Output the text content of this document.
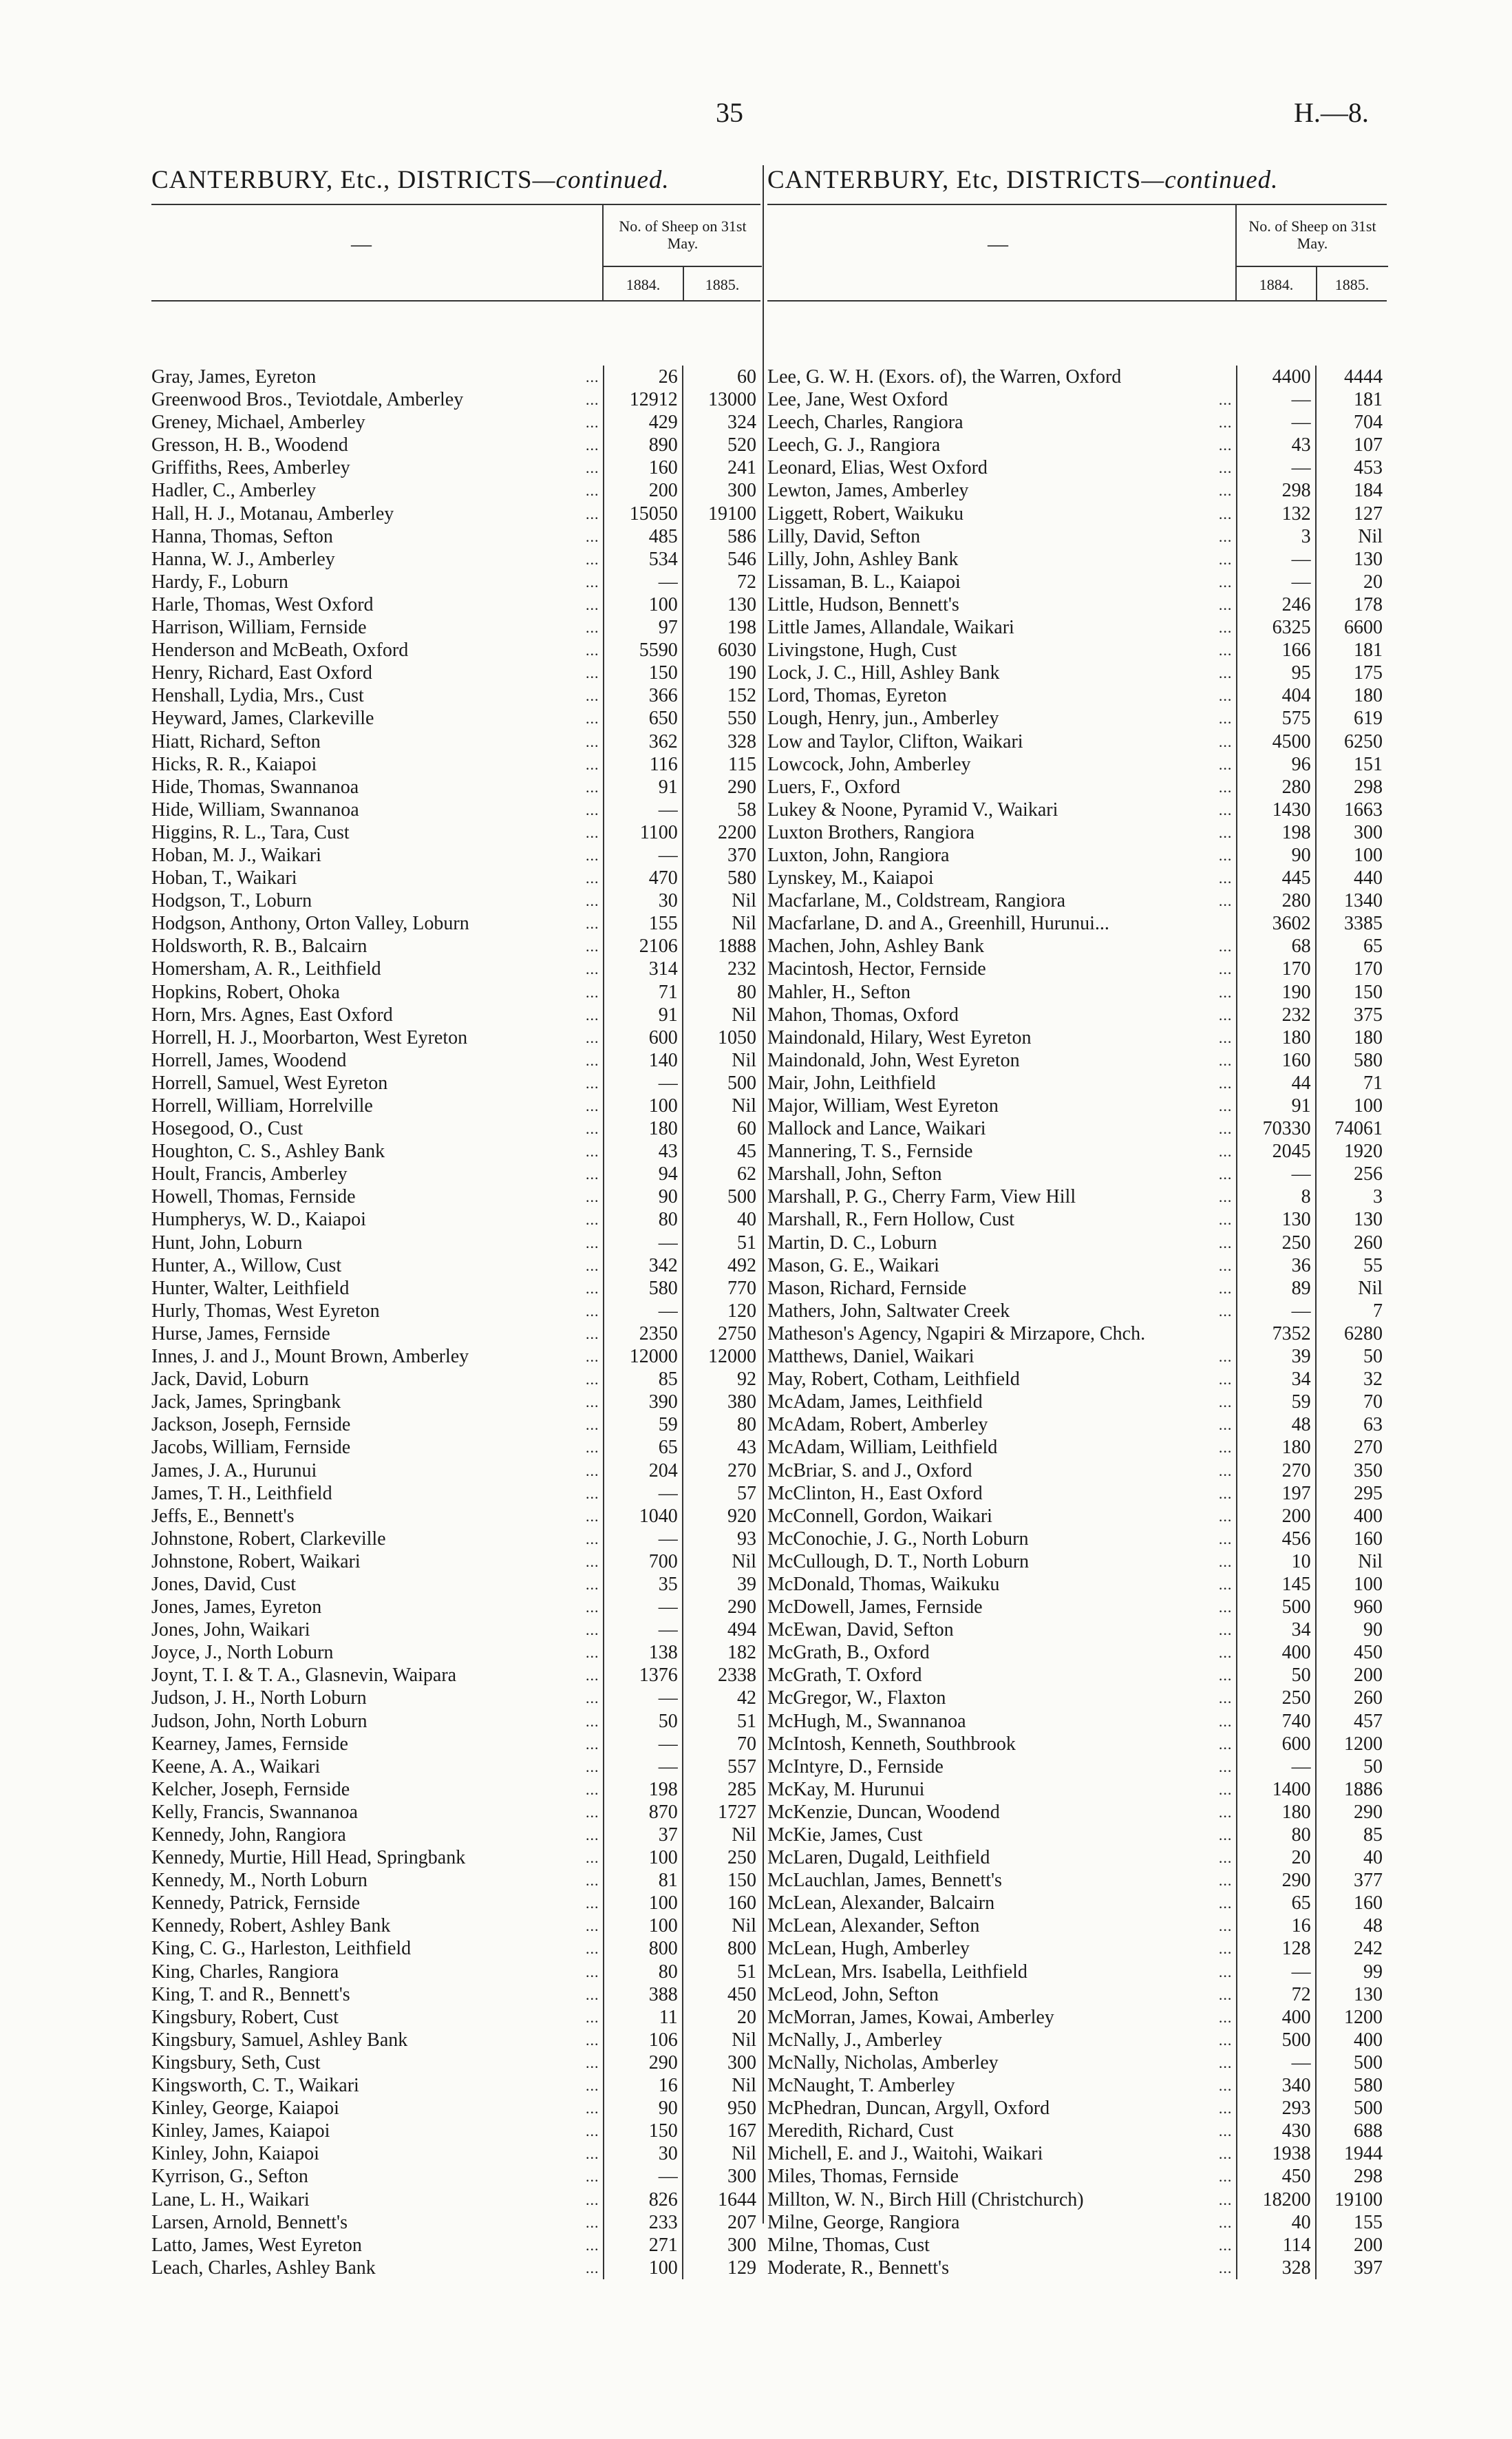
35	H.—8.
CANTERBURY, Etc., DISTRICTS—continued.
—
No. of Sheep on 31st May.
1884.	1885.
Gray, James, Eyreton	...	26	60
Greenwood Bros., Teviotdale, Amberley	...	12912	13000
Greney, Michael, Amberley	...	429	324
Gresson, H. B., Woodend	...	890	520
Griffiths, Rees, Amberley	...	160	241
Hadler, C., Amberley	...	200	300
Hall, H. J., Motanau, Amberley	...	15050	19100
Hanna, Thomas, Sefton	...	485	586
Hanna, W. J., Amberley	...	534	546
Hardy, F., Loburn	...	—	72
Harle, Thomas, West Oxford	...	100	130
Harrison, William, Fernside	...	97	198
Henderson and McBeath, Oxford	...	5590	6030
Henry, Richard, East Oxford	...	150	190
Henshall, Lydia, Mrs., Cust	...	366	152
Heyward, James, Clarkeville	...	650	550
Hiatt, Richard, Sefton	...	362	328
Hicks, R. R., Kaiapoi	...	116	115
Hide, Thomas, Swannanoa	...	91	290
Hide, William, Swannanoa	...	—	58
Higgins, R. L., Tara, Cust	...	1100	2200
Hoban, M. J., Waikari	...	—	370
Hoban, T., Waikari	...	470	580
Hodgson, T., Loburn	...	30	Nil
Hodgson, Anthony, Orton Valley, Loburn	...	155	Nil
Holdsworth, R. B., Balcairn	...	2106	1888
Homersham, A. R., Leithfield	...	314	232
Hopkins, Robert, Ohoka	...	71	80
Horn, Mrs. Agnes, East Oxford	...	91	Nil
Horrell, H. J., Moorbarton, West Eyreton	...	600	1050
Horrell, James, Woodend	...	140	Nil
Horrell, Samuel, West Eyreton	...	—	500
Horrell, William, Horrelville	...	100	Nil
Hosegood, O., Cust	...	180	60
Houghton, C. S., Ashley Bank	...	43	45
Hoult, Francis, Amberley	...	94	62
Howell, Thomas, Fernside	...	90	500
Humpherys, W. D., Kaiapoi	...	80	40
Hunt, John, Loburn	...	—	51
Hunter, A., Willow, Cust	...	342	492
Hunter, Walter, Leithfield	...	580	770
Hurly, Thomas, West Eyreton	...	—	120
Hurse, James, Fernside	...	2350	2750
Innes, J. and J., Mount Brown, Amberley	...	12000	12000
Jack, David, Loburn	...	85	92
Jack, James, Springbank	...	390	380
Jackson, Joseph, Fernside	...	59	80
Jacobs, William, Fernside	...	65	43
James, J. A., Hurunui	...	204	270
James, T. H., Leithfield	...	—	57
Jeffs, E., Bennett's	...	1040	920
Johnstone, Robert, Clarkeville	...	—	93
Johnstone, Robert, Waikari	...	700	Nil
Jones, David, Cust	...	35	39
Jones, James, Eyreton	...	—	290
Jones, John, Waikari	...	—	494
Joyce, J., North Loburn	...	138	182
Joynt, T. I. & T. A., Glasnevin, Waipara	...	1376	2338
Judson, J. H., North Loburn	...	—	42
Judson, John, North Loburn	...	50	51
Kearney, James, Fernside	...	—	70
Keene, A. A., Waikari	...	—	557
Kelcher, Joseph, Fernside	...	198	285
Kelly, Francis, Swannanoa	...	870	1727
Kennedy, John, Rangiora	...	37	Nil
Kennedy, Murtie, Hill Head, Springbank	...	100	250
Kennedy, M., North Loburn	...	81	150
Kennedy, Patrick, Fernside	...	100	160
Kennedy, Robert, Ashley Bank	...	100	Nil
King, C. G., Harleston, Leithfield	...	800	800
King, Charles, Rangiora	...	80	51
King, T. and R., Bennett's	...	388	450
Kingsbury, Robert, Cust	...	11	20
Kingsbury, Samuel, Ashley Bank	...	106	Nil
Kingsbury, Seth, Cust	...	290	300
Kingsworth, C. T., Waikari	...	16	Nil
Kinley, George, Kaiapoi	...	90	950
Kinley, James, Kaiapoi	...	150	167
Kinley, John, Kaiapoi	...	30	Nil
Kyrrison, G., Sefton	...	—	300
Lane, L. H., Waikari	...	826	1644
Larsen, Arnold, Bennett's	...	233	207
Latto, James, West Eyreton	...	271	300
Leach, Charles, Ashley Bank	...	100	129
CANTERBURY, Etc, DISTRICTS—continued.
—
No. of Sheep on 31st May.
1884.	1885.
Lee, G. W. H. (Exors. of), the Warren, Oxford	4400	4444
Lee, Jane, West Oxford	...	—	181
Leech, Charles, Rangiora	...	—	704
Leech, G. J., Rangiora	...	43	107
Leonard, Elias, West Oxford	...	—	453
Lewton, James, Amberley	...	298	184
Liggett, Robert, Waikuku	...	132	127
Lilly, David, Sefton	...	3	Nil
Lilly, John, Ashley Bank	...	—	130
Lissaman, B. L., Kaiapoi	...	—	20
Little, Hudson, Bennett's	...	246	178
Little James, Allandale, Waikari	...	6325	6600
Livingstone, Hugh, Cust	...	166	181
Lock, J. C., Hill, Ashley Bank	...	95	175
Lord, Thomas, Eyreton	...	404	180
Lough, Henry, jun., Amberley	...	575	619
Low and Taylor, Clifton, Waikari	...	4500	6250
Lowcock, John, Amberley	...	96	151
Luers, F., Oxford	...	280	298
Lukey & Noone, Pyramid V., Waikari	...	1430	1663
Luxton Brothers, Rangiora	...	198	300
Luxton, John, Rangiora	...	90	100
Lynskey, M., Kaiapoi	...	445	440
Macfarlane, M., Coldstream, Rangiora	...	280	1340
Macfarlane, D. and A., Greenhill, Hurunui...	3602	3385
Machen, John, Ashley Bank	...	68	65
Macintosh, Hector, Fernside	...	170	170
Mahler, H., Sefton	...	190	150
Mahon, Thomas, Oxford	...	232	375
Maindonald, Hilary, West Eyreton	...	180	180
Maindonald, John, West Eyreton	...	160	580
Mair, John, Leithfield	...	44	71
Major, William, West Eyreton	...	91	100
Mallock and Lance, Waikari	...	70330	74061
Mannering, T. S., Fernside	...	2045	1920
Marshall, John, Sefton	...	—	256
Marshall, P. G., Cherry Farm, View Hill	...	8	3
Marshall, R., Fern Hollow, Cust	...	130	130
Martin, D. C., Loburn	...	250	260
Mason, G. E., Waikari	...	36	55
Mason, Richard, Fernside	...	89	Nil
Mathers, John, Saltwater Creek	...	—	7
Matheson's Agency, Ngapiri & Mirzapore, Chch.	7352	6280
Matthews, Daniel, Waikari	...	39	50
May, Robert, Cotham, Leithfield	...	34	32
McAdam, James, Leithfield	...	59	70
McAdam, Robert, Amberley	...	48	63
McAdam, William, Leithfield	...	180	270
McBriar, S. and J., Oxford	...	270	350
McClinton, H., East Oxford	...	197	295
McConnell, Gordon, Waikari	...	200	400
McConochie, J. G., North Loburn	...	456	160
McCullough, D. T., North Loburn	...	10	Nil
McDonald, Thomas, Waikuku	...	145	100
McDowell, James, Fernside	...	500	960
McEwan, David, Sefton	...	34	90
McGrath, B., Oxford	...	400	450
McGrath, T. Oxford	...	50	200
McGregor, W., Flaxton	...	250	260
McHugh, M., Swannanoa	...	740	457
McIntosh, Kenneth, Southbrook	...	600	1200
McIntyre, D., Fernside	...	—	50
McKay, M. Hurunui	...	1400	1886
McKenzie, Duncan, Woodend	...	180	290
McKie, James, Cust	...	80	85
McLaren, Dugald, Leithfield	...	20	40
McLauchlan, James, Bennett's	...	290	377
McLean, Alexander, Balcairn	...	65	160
McLean, Alexander, Sefton	...	16	48
McLean, Hugh, Amberley	...	128	242
McLean, Mrs. Isabella, Leithfield	...	—	99
McLeod, John, Sefton	...	72	130
McMorran, James, Kowai, Amberley	...	400	1200
McNally, J., Amberley	...	500	400
McNally, Nicholas, Amberley	...	—	500
McNaught, T. Amberley	...	340	580
McPhedran, Duncan, Argyll, Oxford	...	293	500
Meredith, Richard, Cust	...	430	688
Michell, E. and J., Waitohi, Waikari	...	1938	1944
Miles, Thomas, Fernside	...	450	298
Millton, W. N., Birch Hill (Christchurch)	...	18200	19100
Milne, George, Rangiora	...	40	155
Milne, Thomas, Cust	...	114	200
Moderate, R., Bennett's	...	328	397
